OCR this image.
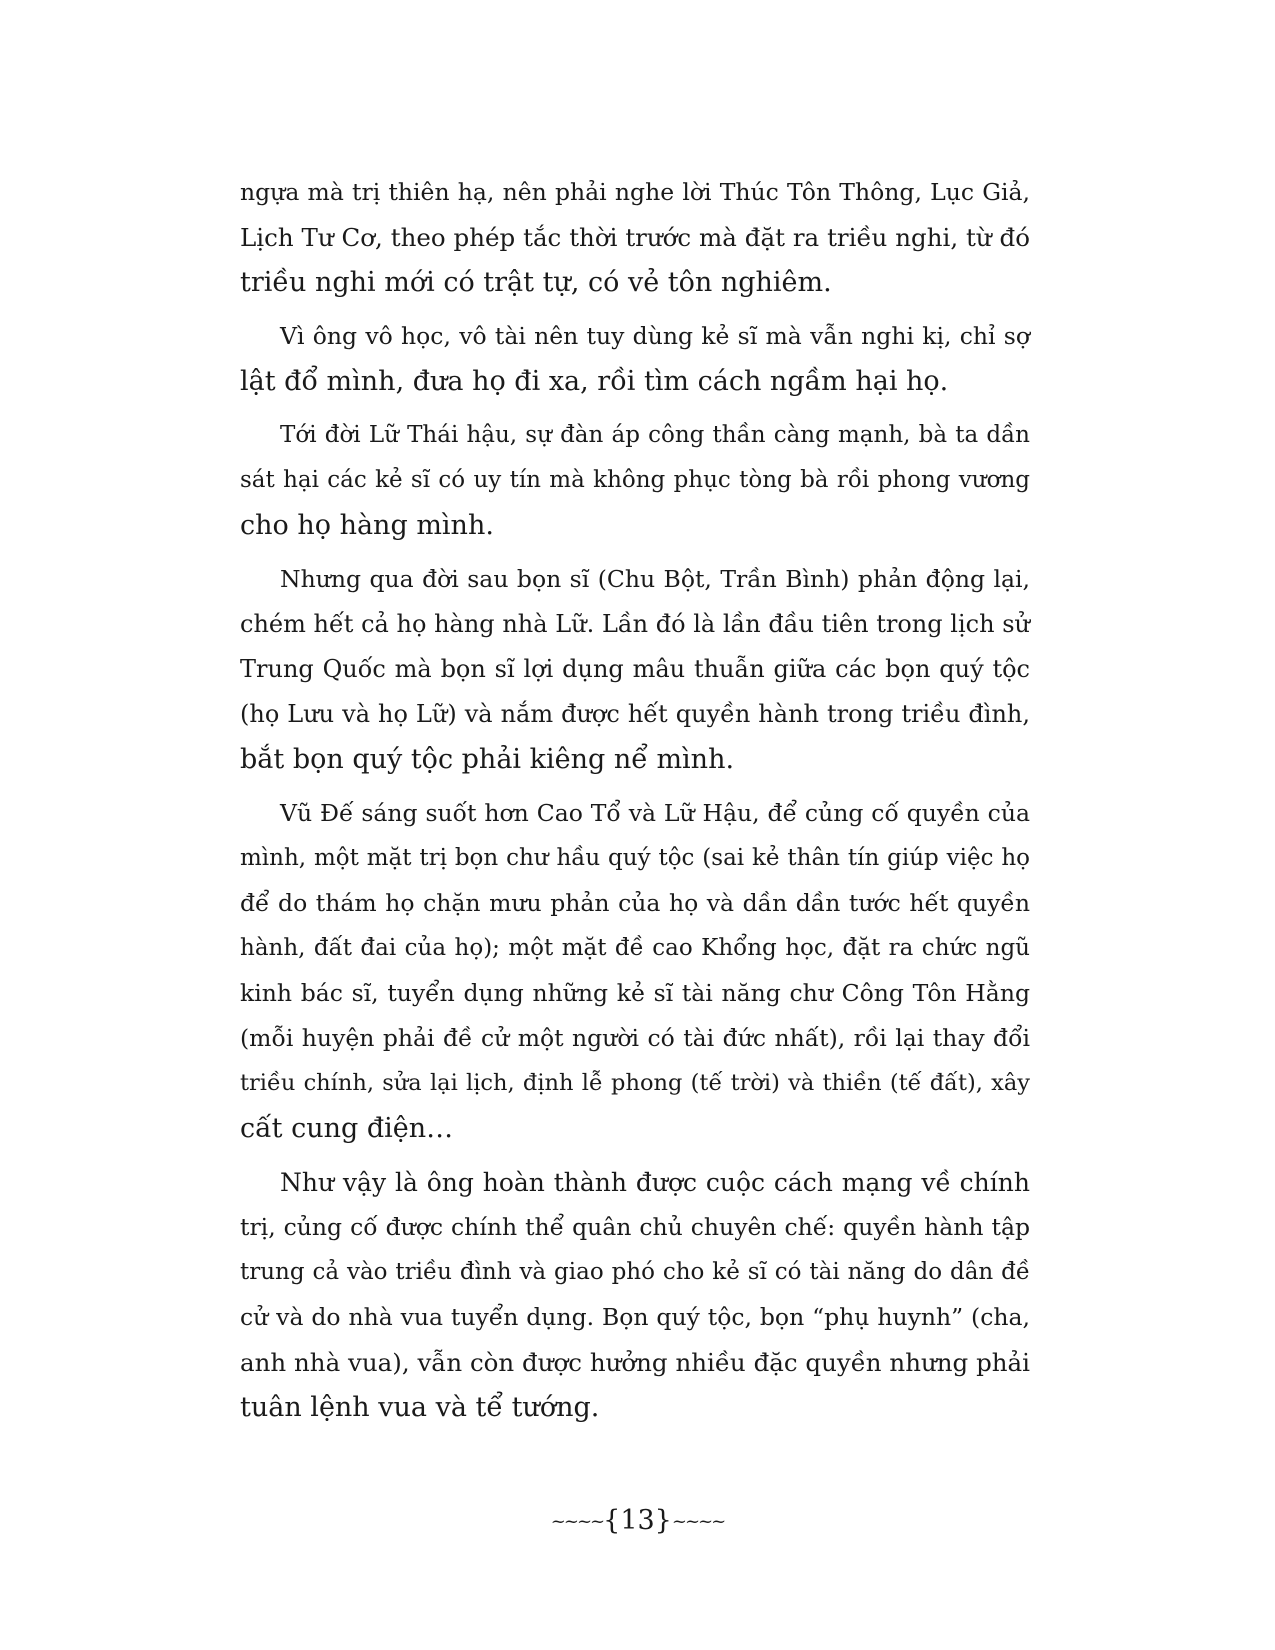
ngựa mà trị thiên hạ, nên phải nghe lời Thúc Tôn Thông, Lục Giả,
Lịch Tư Cơ, theo phép tắc thời trước mà đặt ra triều nghi, từ đó
triều nghi mới có trật tự, có vẻ tôn nghiêm.
Vì ông vô học, vô tài nên tuy dùng kẻ sĩ mà vẫn nghi kị, chỉ sợ
lật đổ mình, đưa họ đi xa, rồi tìm cách ngầm hại họ.
Tới đời Lữ Thái hậu, sự đàn áp công thần càng mạnh, bà ta dần
sát hại các kẻ sĩ có uy tín mà không phục tòng bà rồi phong vương
cho họ hàng mình.
Nhưng qua đời sau bọn sĩ (Chu Bột, Trần Bình) phản động lại,
chém hết cả họ hàng nhà Lữ. Lần đó là lần đầu tiên trong lịch sử
Trung Quốc mà bọn sĩ lợi dụng mâu thuẫn giữa các bọn quý tộc
(họ Lưu và họ Lữ) và nắm được hết quyền hành trong triều đình,
bắt bọn quý tộc phải kiêng nể mình.
Vũ Đế sáng suốt hơn Cao Tổ và Lữ Hậu, để củng cố quyền của
mình, một mặt trị bọn chư hầu quý tộc (sai kẻ thân tín giúp việc họ
để do thám họ chặn mưu phản của họ và dần dần tước hết quyền
hành, đất đai của họ); một mặt đề cao Khổng học, đặt ra chức ngũ
kinh bác sĩ, tuyển dụng những kẻ sĩ tài năng chư Công Tôn Hằng
(mỗi huyện phải đề cử một người có tài đức nhất), rồi lại thay đổi
triều chính, sửa lại lịch, định lễ phong (tế trời) và thiền (tế đất), xây
cất cung điện…
Như vậy là ông hoàn thành được cuộc cách mạng về chính
trị, củng cố được chính thể quân chủ chuyên chế: quyền hành tập
trung cả vào triều đình và giao phó cho kẻ sĩ có tài năng do dân đề
cử và do nhà vua tuyển dụng. Bọn quý tộc, bọn “phụ huynh” (cha,
anh nhà vua), vẫn còn được hưởng nhiều đặc quyền nhưng phải
tuân lệnh vua và tể tướng.
~~~~{13}~~~~
